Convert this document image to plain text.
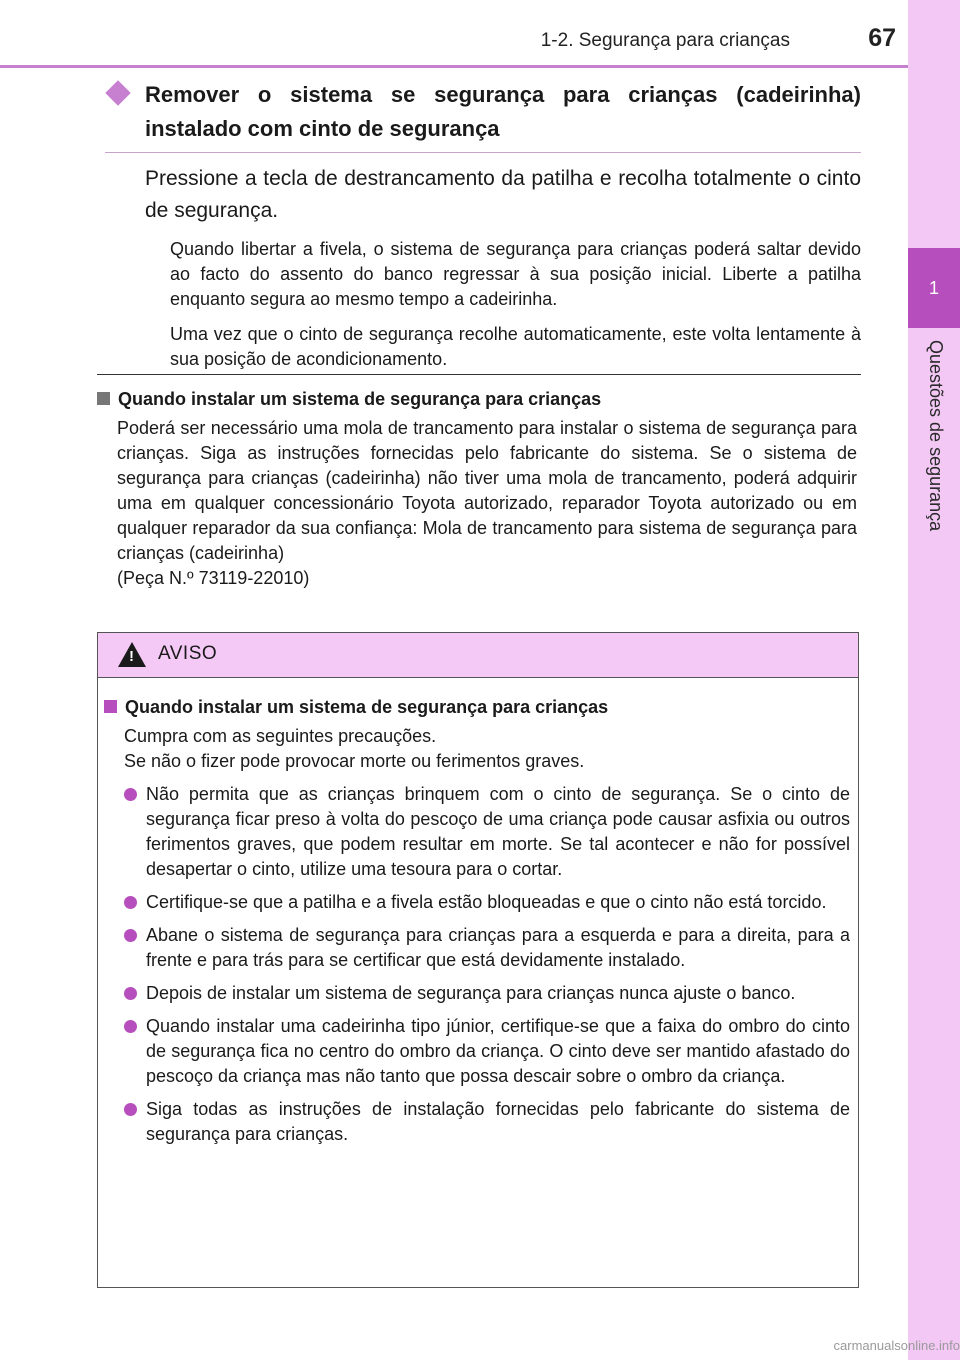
1-2. Segurança para crianças	67
1
Questões de segurança
Remover o sistema se segurança para crianças (cadeirinha) instalado com cinto de segurança
Pressione a tecla de destrancamento da patilha e recolha totalmente o cinto de segurança.
Quando libertar a fivela, o sistema de segurança para crianças poderá saltar devido ao facto do assento do banco regressar à sua posição inicial. Liberte a patilha enquanto segura ao mesmo tempo a cadeirinha.
Uma vez que o cinto de segurança recolhe automaticamente, este volta lentamente à sua posição de acondicionamento.
Quando instalar um sistema de segurança para crianças
Poderá ser necessário uma mola de trancamento para instalar o sistema de segurança para crianças. Siga as instruções fornecidas pelo fabricante do sistema. Se o sistema de segurança para crianças (cadeirinha) não tiver uma mola de trancamento, poderá adquirir uma em qualquer concessionário Toyota autorizado, reparador Toyota autorizado ou em qualquer reparador da sua confiança: Mola de trancamento para sistema de segurança para crianças (cadeirinha)
(Peça N.º 73119-22010)
!
AVISO
Quando instalar um sistema de segurança para crianças
Cumpra com as seguintes precauções.
Se não o fizer pode provocar morte ou ferimentos graves.
Não permita que as crianças brinquem com o cinto de segurança. Se o cinto de segurança ficar preso à volta do pescoço de uma criança pode causar asfixia ou outros ferimentos graves, que podem resultar em morte. Se tal acontecer e não for possível desapertar o cinto, utilize uma tesoura para o cortar.
Certifique-se que a patilha e a fivela estão bloqueadas e que o cinto não está torcido.
Abane o sistema de segurança para crianças para a esquerda e para a direita, para a frente e para trás para se certificar que está devidamente instalado.
Depois de instalar um sistema de segurança para crianças nunca ajuste o banco.
Quando instalar uma cadeirinha tipo júnior, certifique-se que a faixa do ombro do cinto de segurança fica no centro do ombro da criança. O cinto deve ser mantido afastado do pescoço da criança mas não tanto que possa descair sobre o ombro da criança.
Siga todas as instruções de instalação fornecidas pelo fabricante do sistema de segurança para crianças.
carmanualsonline.info
